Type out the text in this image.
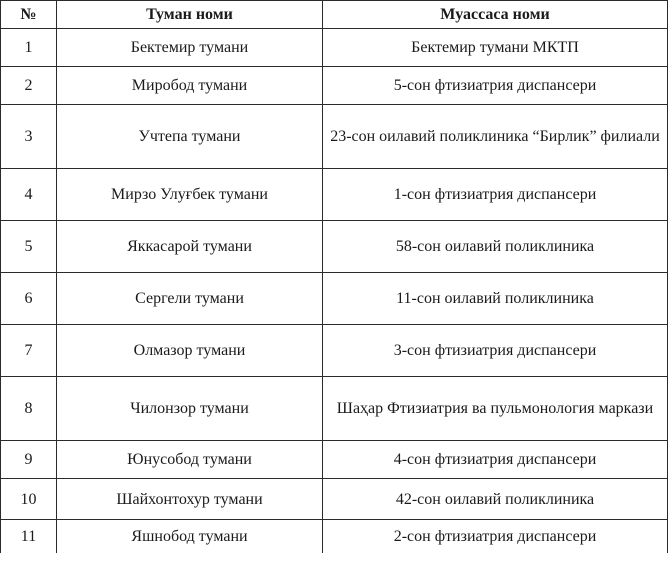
№	Туман номи	Муассаса номи
1	Бектемир тумани	Бектемир тумани МКТП
2	Миробод тумани	5-сон фтизиатрия диспансери
3	Учтепа тумани	23-сон оилавий поликлиника “Бирлик” филиали
4	Мирзо Улуғбек тумани	1-сон фтизиатрия диспансери
5	Яккасарой тумани	58-сон оилавий поликлиника
6	Сергели тумани	11-сон оилавий поликлиника
7	Олмазор тумани	3-сон фтизиатрия диспансери
8	Чилонзор тумани	Шаҳар Фтизиатрия ва пульмонология маркази
9	Юнусобод тумани	4-сон фтизиатрия диспансери
10	Шайхонтохур тумани	42-сон оилавий поликлиника
11	Яшнобод тумани	2-сон фтизиатрия диспансери
